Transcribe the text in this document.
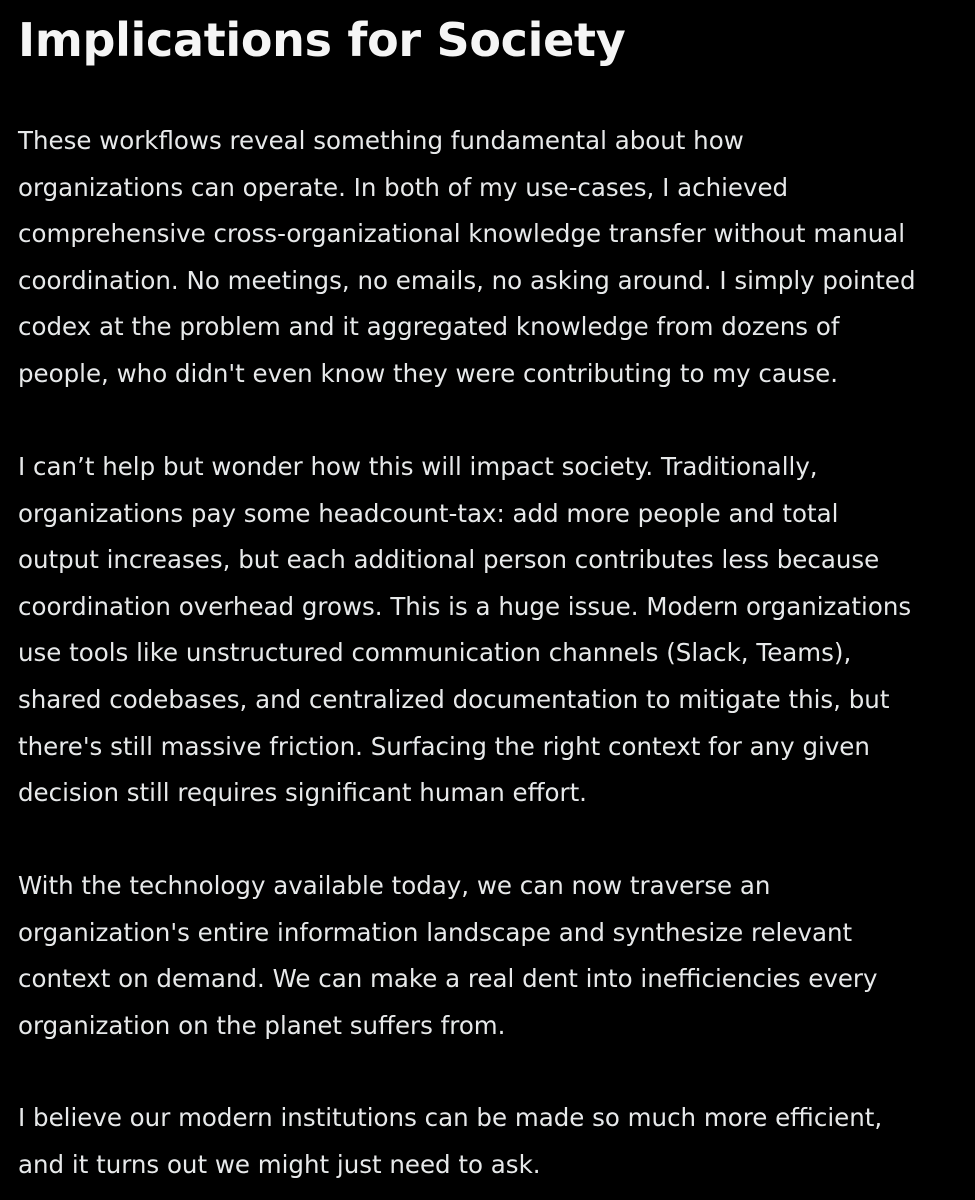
Implications for Society

These workflows reveal something fundamental about how
organizations can operate. In both of my use-cases, I achieved
comprehensive cross-organizational knowledge transfer without manual
coordination. No meetings, no emails, no asking around. I simply pointed
codex at the problem and it aggregated knowledge from dozens of
people, who didn't even know they were contributing to my cause.

I can’t help but wonder how this will impact society. Traditionally,
organizations pay some headcount-tax: add more people and total
output increases, but each additional person contributes less because
coordination overhead grows. This is a huge issue. Modern organizations
use tools like unstructured communication channels (Slack, Teams),
shared codebases, and centralized documentation to mitigate this, but
there's still massive friction. Surfacing the right context for any given
decision still requires significant human effort.

With the technology available today, we can now traverse an
organization's entire information landscape and synthesize relevant
context on demand. We can make a real dent into inefficiencies every
organization on the planet suffers from.

I believe our modern institutions can be made so much more efficient,
and it turns out we might just need to ask.
